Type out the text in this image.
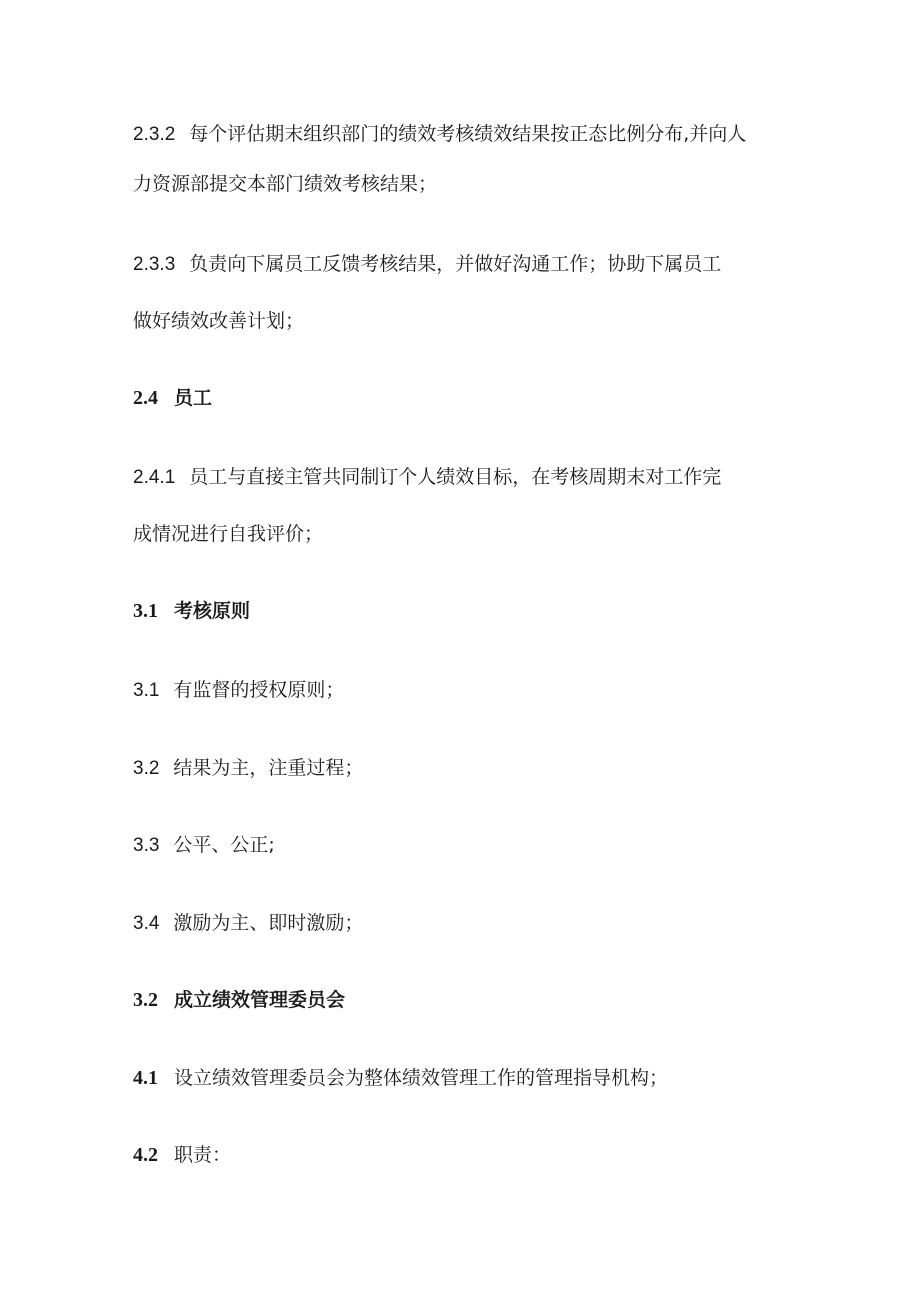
2.3.2 每个评估期末组织部门的绩效考核绩效结果按正态比例分布,并向人
力资源部提交本部门绩效考核结果；
2.3.3 负责向下属员工反馈考核结果，并做好沟通工作；协助下属员工
做好绩效改善计划；
2.4 员工
2.4.1 员工与直接主管共同制订个人绩效目标，在考核周期末对工作完
成情况进行自我评价；
3.1 考核原则
3.1 有监督的授权原则；
3.2 结果为主，注重过程；
3.3 公平、公正;
3.4 激励为主、即时激励；
3.2 成立绩效管理委员会
4.1 设立绩效管理委员会为整体绩效管理工作的管理指导机构；
4.2 职责：
